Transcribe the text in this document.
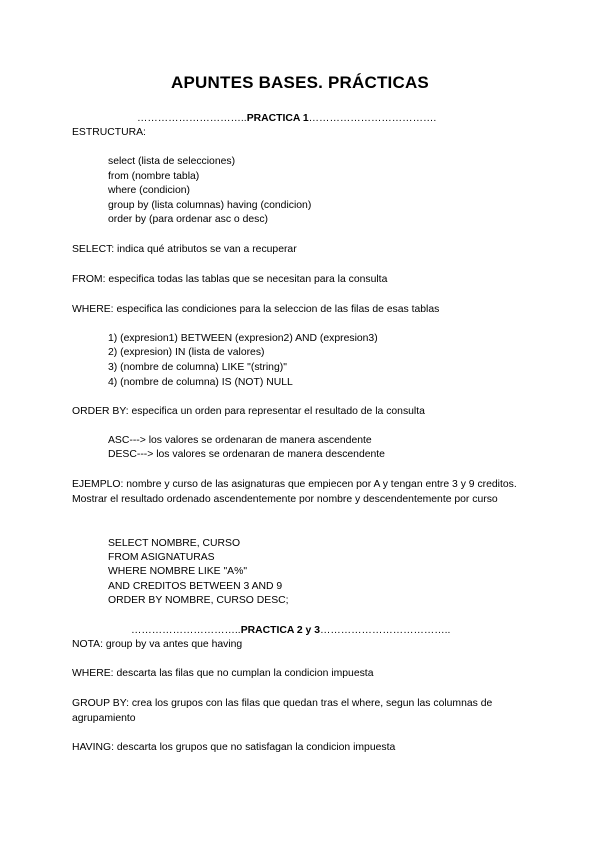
APUNTES BASES. PRÁCTICAS
…………………………..PRACTICA 1……………………………….

ESTRUCTURA:

select (lista de selecciones)

from (nombre tabla)

where (condicion)

group by (lista columnas) having (condicion)

order by (para ordenar asc o desc)

SELECT: indica qué atributos se van a recuperar

FROM: especifica todas las tablas que se necesitan para la consulta

WHERE: especifica las condiciones para la seleccion de las filas de esas tablas

1) (expresion1) BETWEEN (expresion2) AND (expresion3)

2) (expresion) IN (lista de valores)

3) (nombre de columna) LIKE "(string)"

4) (nombre de columna) IS (NOT) NULL

ORDER BY: especifica un orden para representar el resultado de la consulta

ASC---> los valores se ordenaran de manera ascendente

DESC---> los valores se ordenaran de manera descendente

EJEMPLO: nombre y curso de las asignaturas que empiecen por A y tengan entre 3 y 9 creditos. Mostrar el resultado ordenado ascendentemente por nombre y descendentemente por curso

SELECT NOMBRE, CURSO

FROM ASIGNATURAS

WHERE NOMBRE LIKE "A%"

AND CREDITOS BETWEEN 3 AND 9

ORDER BY NOMBRE, CURSO DESC;

…………………………..PRACTICA 2 y 3………………………………..

NOTA: group by va antes que having

WHERE: descarta las filas que no cumplan la condicion impuesta

GROUP BY: crea los grupos con las filas que quedan tras el where, segun las columnas de agrupamiento

HAVING: descarta los grupos que no satisfagan la condicion impuesta
